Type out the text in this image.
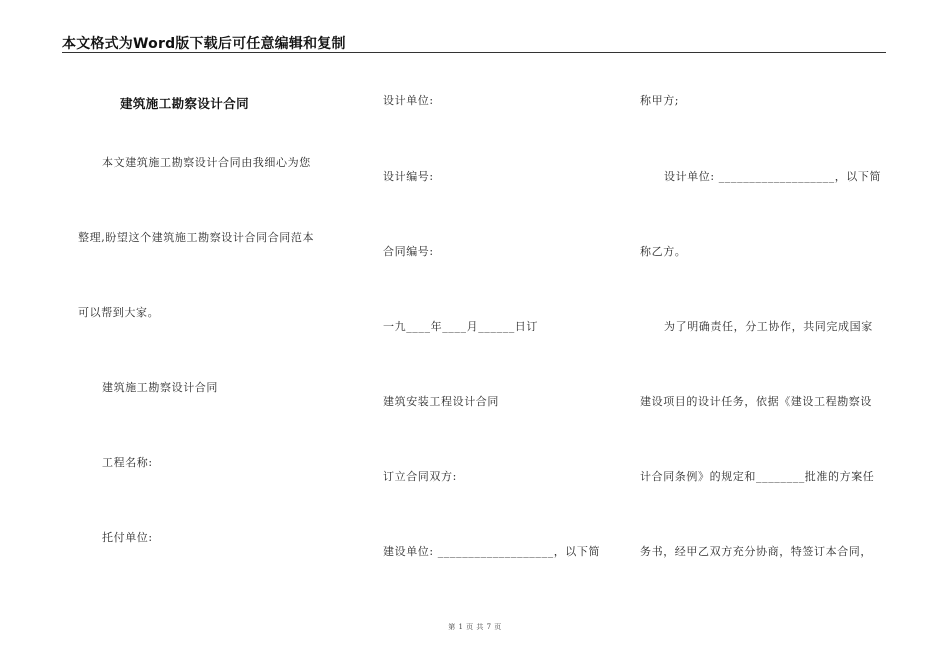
本文格式为Word版下载后可任意编辑和复制
建筑施工勘察设计合同
本文建筑施工勘察设计合同由我细心为您
整理,盼望这个建筑施工勘察设计合同合同范本
可以帮到大家。
建筑施工勘察设计合同
工程名称:
托付单位:
设计单位:
设计编号:
合同编号:
一九____年____月______日订
建筑安装工程设计合同
订立合同双方:
建设单位: ___________________，以下简
称甲方;
设计单位: ___________________，以下简
称乙方。
为了明确责任，分工协作，共同完成国家
建设项目的设计任务，依据《建设工程勘察设
计合同条例》的规定和________批准的方案任
务书，经甲乙双方充分协商，特签订本合同，
第 1 页 共 7 页
